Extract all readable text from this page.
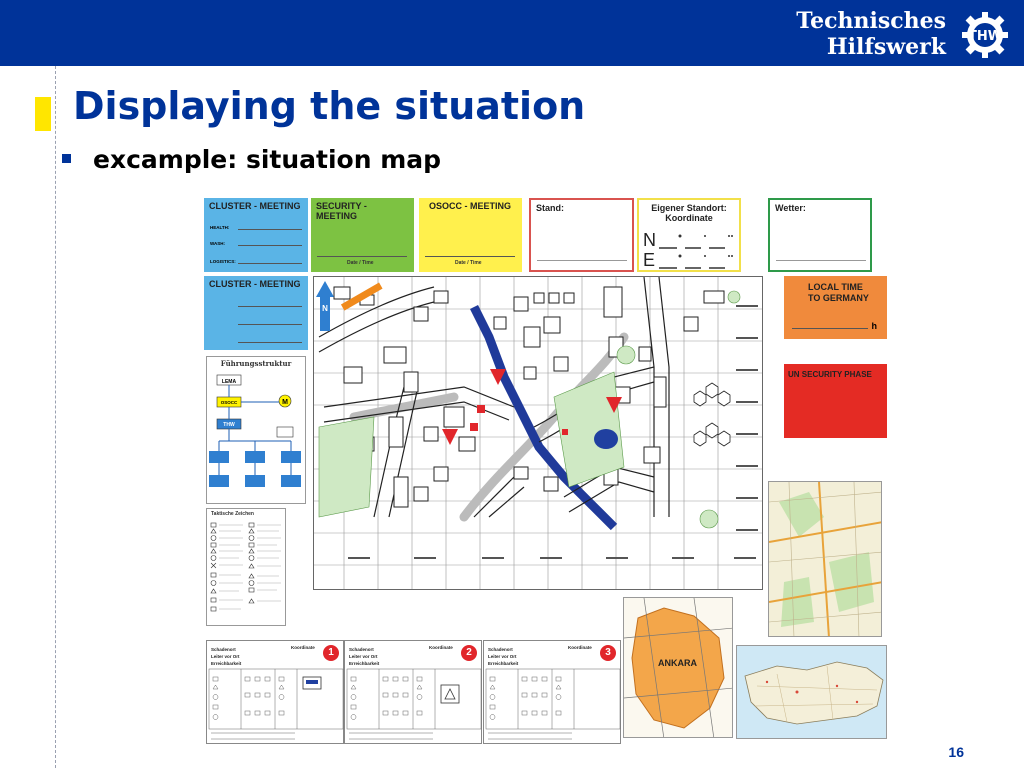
Technisches
Hilfswerk THW
Displaying the situation
excample: situation map
CLUSTER - MEETING
HEALTH:
WASH:
LOGISTICS:
SECURITY - MEETING
Date / Time
OSOCC - MEETING
Date / Time
Stand:	Eigener Standort:
Koordinate
N
E
Wetter:
CLUSTER - MEETING
Führungsstruktur
LEMA
OSOCC	M
THW
Taktische Zeichen
N
LOCAL TIME
TO GERMANY
h
UN SECURITY PHASE
ANKARA
Schadenort
Leiter vor Ort
Erreichbarkeit
Koordinate	1	Schadenort
Leiter vor Ort
Erreichbarkeit
Koordinate	2	Schadenort
Leiter vor Ort
Erreichbarkeit
Koordinate	3
16
